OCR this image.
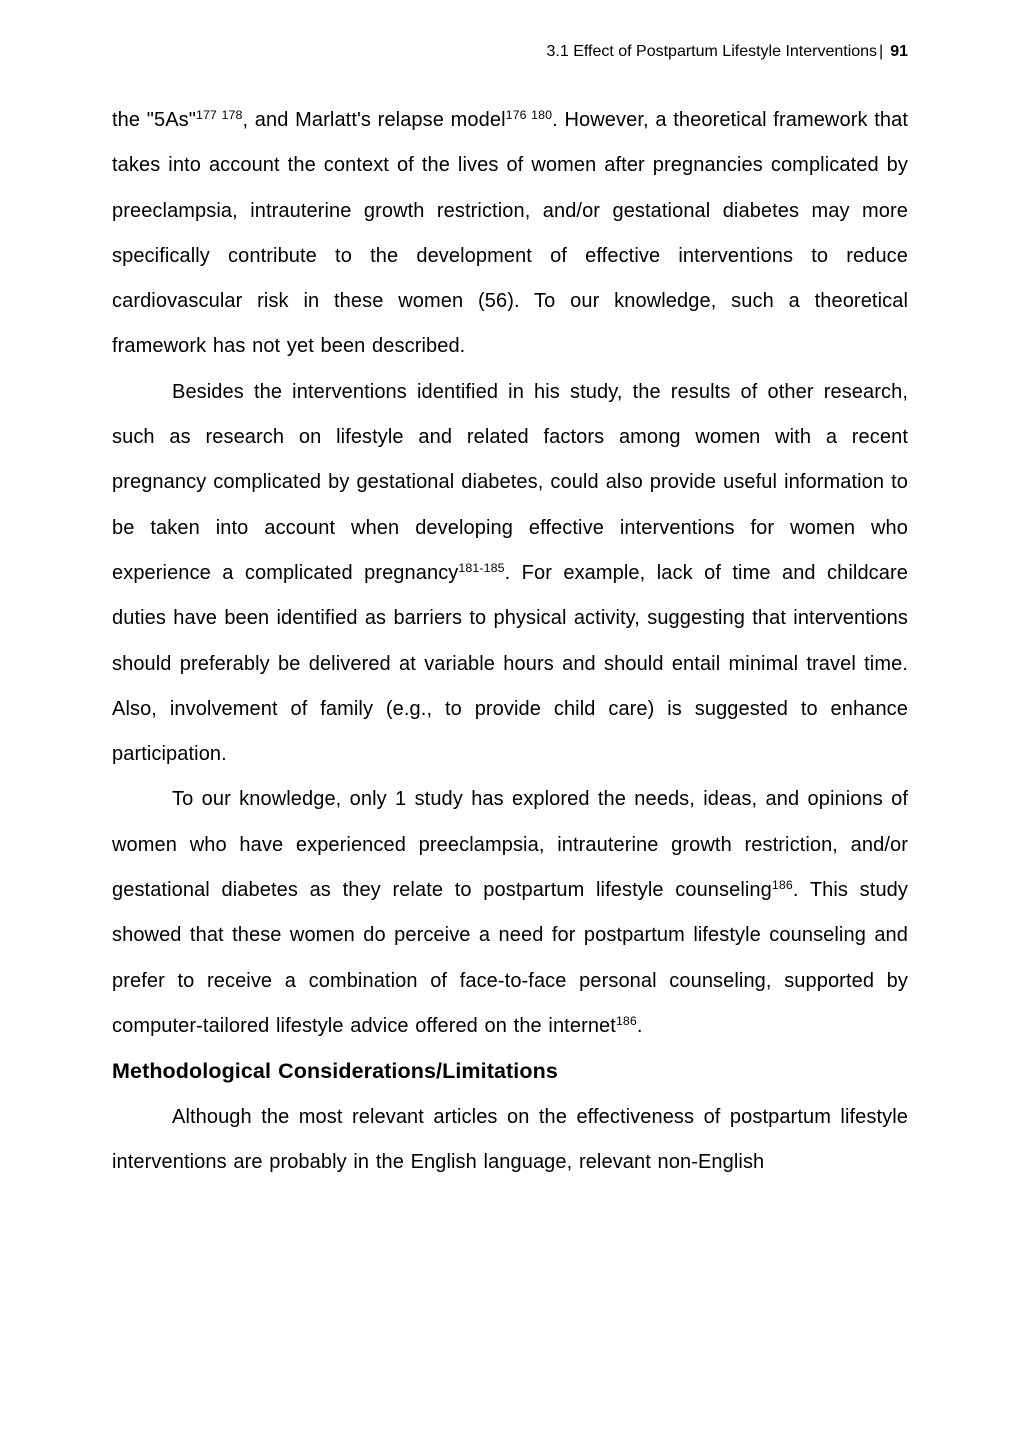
3.1 Effect of Postpartum Lifestyle Interventions | 91

the "5As"$^{177 178}$, and Marlatt's relapse model$^{176 180}$. However, a theoretical framework that takes into account the context of the lives of women after pregnancies complicated by preeclampsia, intrauterine growth restriction, and/or gestational diabetes may more specifically contribute to the development of effective interventions to reduce cardiovascular risk in these women (56). To our knowledge, such a theoretical framework has not yet been described.

Besides the interventions identified in his study, the results of other research, such as research on lifestyle and related factors among women with a recent pregnancy complicated by gestational diabetes, could also provide useful information to be taken into account when developing effective interventions for women who experience a complicated pregnancy$^{181-185}$. For example, lack of time and childcare duties have been identified as barriers to physical activity, suggesting that interventions should preferably be delivered at variable hours and should entail minimal travel time. Also, involvement of family (e.g., to provide child care) is suggested to enhance participation.

To our knowledge, only 1 study has explored the needs, ideas, and opinions of women who have experienced preeclampsia, intrauterine growth restriction, and/or gestational diabetes as they relate to postpartum lifestyle counseling$^{186}$. This study showed that these women do perceive a need for postpartum lifestyle counseling and prefer to receive a combination of face-to-face personal counseling, supported by computer-tailored lifestyle advice offered on the internet$^{186}$.

Methodological Considerations/Limitations

Although the most relevant articles on the effectiveness of postpartum lifestyle interventions are probably in the English language, relevant non-English
